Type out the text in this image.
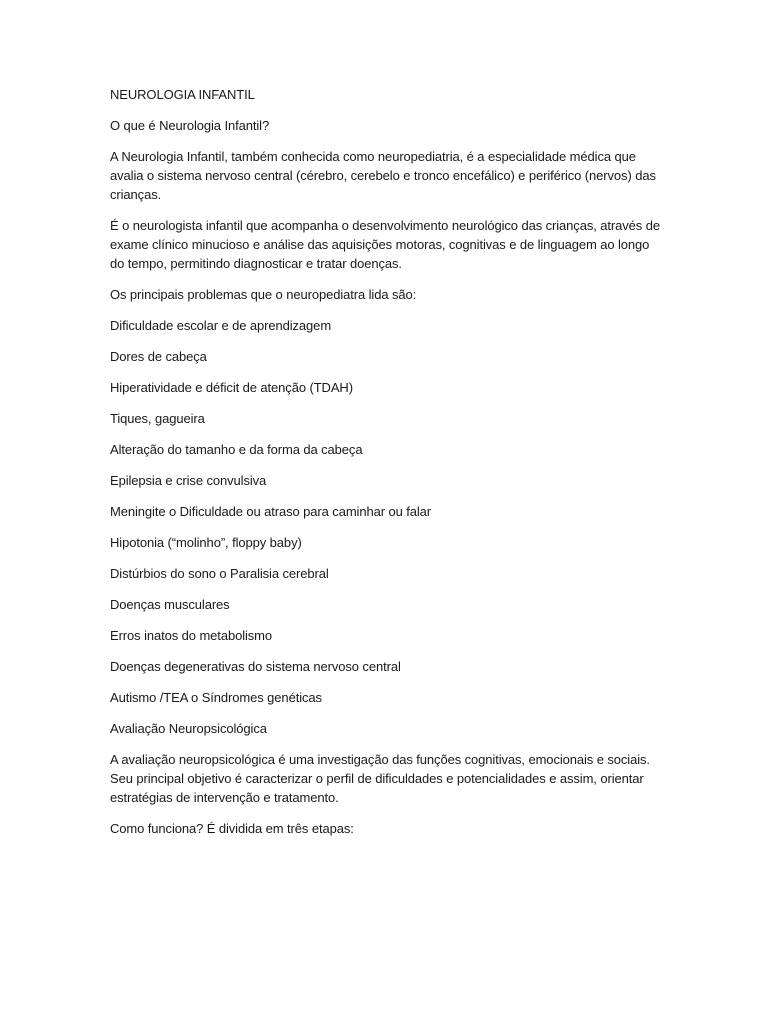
NEUROLOGIA INFANTIL

O que é Neurologia Infantil?

A Neurologia Infantil, também conhecida como neuropediatria, é a especialidade médica que avalia o sistema nervoso central (cérebro, cerebelo e tronco encefálico) e periférico (nervos) das crianças.

É o neurologista infantil que acompanha o desenvolvimento neurológico das crianças, através de exame clínico minucioso e análise das aquisições motoras, cognitivas e de linguagem ao longo do tempo, permitindo diagnosticar e tratar doenças.

Os principais problemas que o neuropediatra lida são:

Dificuldade escolar e de aprendizagem

Dores de cabeça

Hiperatividade e déficit de atenção (TDAH)

Tiques, gagueira

Alteração do tamanho e da forma da cabeça

Epilepsia e crise convulsiva

Meningite o Dificuldade ou atraso para caminhar ou falar

Hipotonia (“molinho”, floppy baby)

Distúrbios do sono o Paralisia cerebral

Doenças musculares

Erros inatos do metabolismo

Doenças degenerativas do sistema nervoso central

Autismo /TEA o Síndromes genéticas

Avaliação Neuropsicológica

A avaliação neuropsicológica é uma investigação das funções cognitivas, emocionais e sociais. Seu principal objetivo é caracterizar o perfil de dificuldades e potencialidades e assim, orientar estratégias de intervenção e tratamento.

Como funciona? É dividida em três etapas:
